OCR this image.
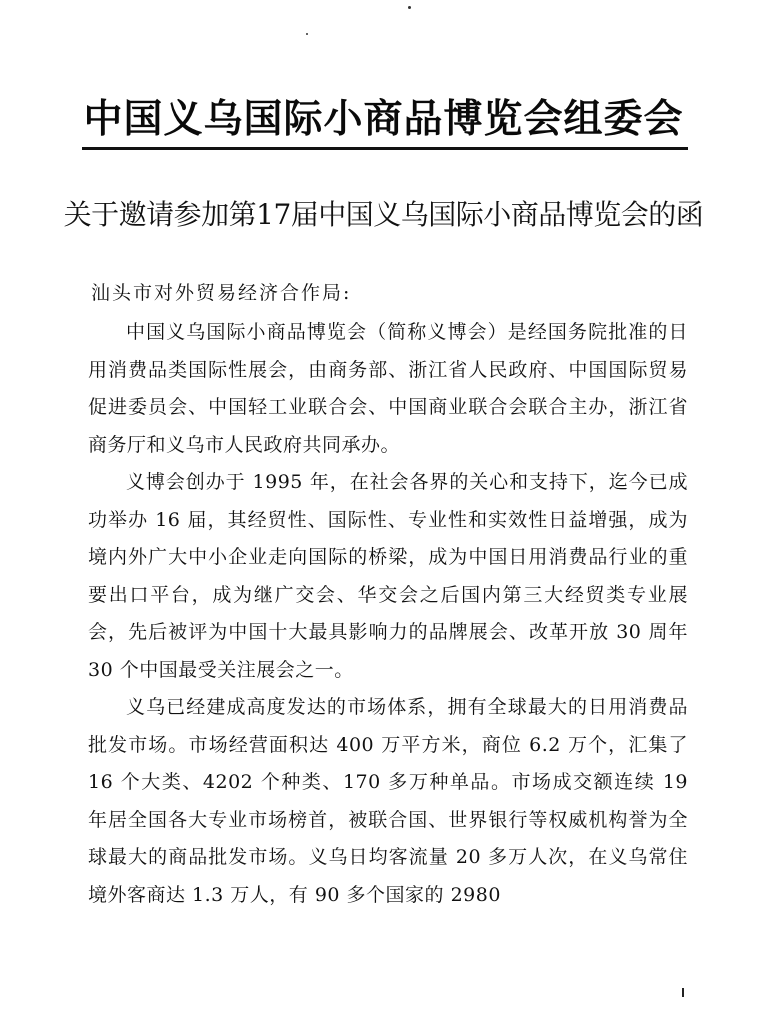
中国义乌国际小商品博览会组委会
关于邀请参加第17届中国义乌国际小商品博览会的函
汕头市对外贸易经济合作局:

中国义乌国际小商品博览会（简称义博会）是经国务院批准的日用消费品类国际性展会，由商务部、浙江省人民政府、中国国际贸易促进委员会、中国轻工业联合会、中国商业联合会联合主办，浙江省商务厅和义乌市人民政府共同承办。

义博会创办于 1995 年，在社会各界的关心和支持下，迄今已成功举办 16 届，其经贸性、国际性、专业性和实效性日益增强，成为境内外广大中小企业走向国际的桥梁，成为中国日用消费品行业的重要出口平台，成为继广交会、华交会之后国内第三大经贸类专业展会，先后被评为中国十大最具影响力的品牌展会、改革开放 30 周年 30 个中国最受关注展会之一。

义乌已经建成高度发达的市场体系，拥有全球最大的日用消费品批发市场。市场经营面积达 400 万平方米，商位 6.2 万个，汇集了 16 个大类、4202 个种类、170 多万种单品。市场成交额连续 19 年居全国各大专业市场榜首，被联合国、世界银行等权威机构誉为全球最大的商品批发市场。义乌日均客流量 20 多万人次，在义乌常住境外客商达 1.3 万人，有 90 多个国家的 2980
